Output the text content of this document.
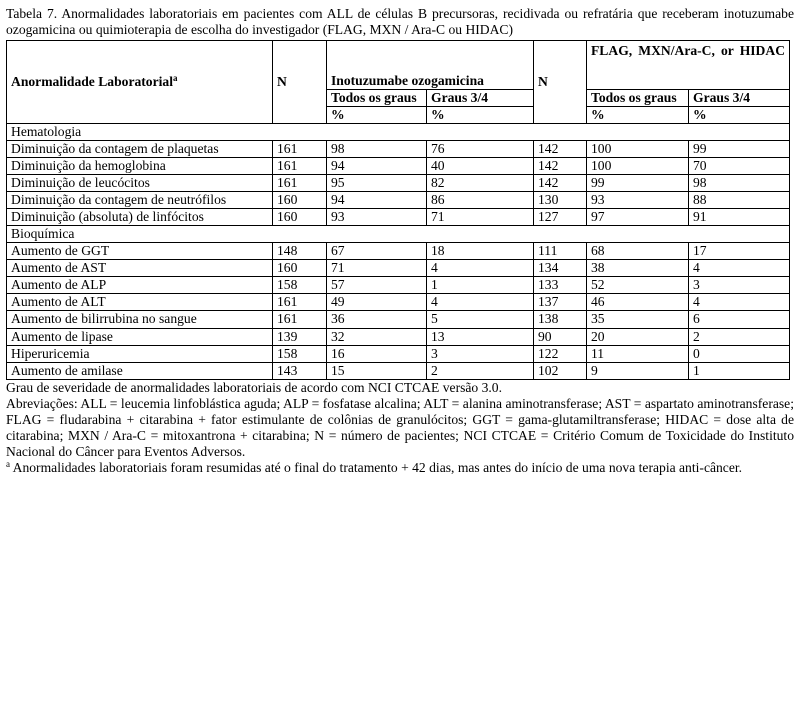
Tabela 7. Anormalidades laboratoriais em pacientes com ALL de células B precursoras, recidivada ou refratária que receberam inotuzumabe ozogamicina ou quimioterapia de escolha do investigador (FLAG, MXN / Ara-C ou HIDAC)

Anormalidade Laboratorial$^a$	N	Inotuzumabe ozogamicina		N	FLAG, MXN/Ara-C, or HIDAC	

		Todos os graus	Graus 3/4		Todos os graus	Graus 3/4
		%	%		%	%
Hematologia						
Diminuição da contagem de plaquetas	161	98	76	142	100	99
Diminuição da hemoglobina	161	94	40	142	100	70
Diminuição de leucócitos	161	95	82	142	99	98
Diminuição da contagem de neutrófilos	160	94	86	130	93	88
Diminuição (absoluta) de linfócitos	160	93	71	127	97	91
Bioquímica						
Aumento de GGT	148	67	18	111	68	17
Aumento de AST	160	71	4	134	38	4
Aumento de ALP	158	57	1	133	52	3
Aumento de ALT	161	49	4	137	46	4
Aumento de bilirrubina no sangue	161	36	5	138	35	6
Aumento de lipase	139	32	13	90	20	2
Hiperuricemia	158	16	3	122	11	0
Aumento de amilase	143	15	2	102	9	1

Grau de severidade de anormalidades laboratoriais de acordo com NCI CTCAE versão 3.0.

Abreviações: ALL = leucemia linfoblástica aguda; ALP = fosfatase alcalina; ALT = alanina aminotransferase; AST = aspartato aminotransferase; FLAG = fludarabina + citarabina + fator estimulante de colônias de granulócitos; GGT = gama-glutamiltransferase; HIDAC = dose alta de citarabina; MXN / Ara-C = mitoxantrona + citarabina; N = número de pacientes; NCI CTCAE = Critério Comum de Toxicidade do Instituto Nacional do Câncer para Eventos Adversos.

$^a$ Anormalidades laboratoriais foram resumidas até o final do tratamento + 42 dias, mas antes do início de uma nova terapia anti-câncer.
